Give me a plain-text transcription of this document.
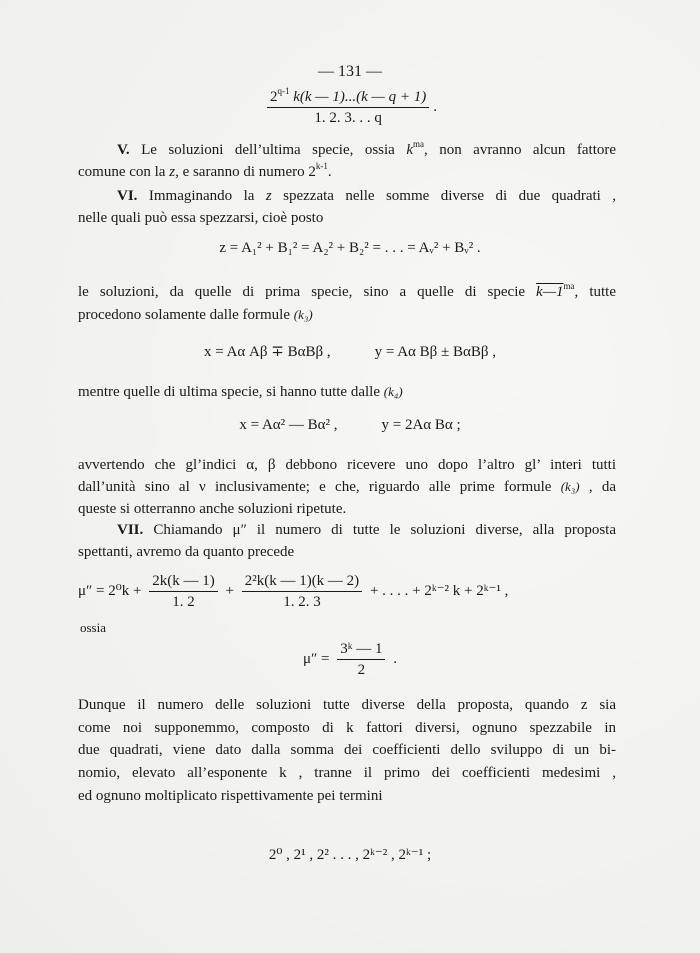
— 131 —
$\frac{2^{q-1} k(k — 1)...(k — q + 1)}{1. 2. 3. . . q}$ .
V. Le soluzioni dell’ultima specie, ossia $k^{ma}$, non avranno alcun fattore
comune con la z, e saranno di numero 2$^{k-1}$.
VI. Immaginando la z spezzata nelle somme diverse di due quadrati ,
nelle quali può essa spezzarsi, cioè posto
z = A₁² + B₁² = A₂² + B₂² = . . . = Aᵥ² + Bᵥ² .
le soluzioni, da quelle di prima specie, sino a quelle di specie $k—1^{ma}$, tutte
procedono solamente dalle formule (k₃)
x = Aα Aβ ∓ BαBβ ,	y = Aα Bβ ± BαBβ ,
mentre quelle di ultima specie, si hanno tutte dalle (k₄)
x = Aα² — Bα² ,	y = 2Aα Bα ;
avvertendo che gl’indici α, β debbono ricevere uno dopo l’altro gl’ interi tutti
dall’unità sino al ν inclusivamente; e che, riguardo alle prime formule (k₃) , da
queste si otterranno anche soluzioni ripetute.
VII. Chiamando μ″ il numero di tutte le soluzioni diverse, alla proposta
spettanti, avremo da quanto precede
$\mu'' = 2^0k + \frac{2k(k — 1)}{1. 2} + \frac{\text{2²k(k — 1)(k — 2)}}{1. 2. 3}$ + . . . . + 2ᵏ⁻² k + 2ᵏ⁻¹ ,
ossia
$\mu'' = \frac{\text{3ᵏ — 1}}{2}$ .
Dunque il numero delle soluzioni tutte diverse della proposta, quando z sia
come noi supponemmo, composto di k fattori diversi, ognuno spezzabile in
due quadrati, viene dato dalla somma dei coefficienti dello sviluppo di un bi-
nomio, elevato all’esponente k , tranne il primo dei coefficienti medesimi ,
ed ognuno moltiplicato rispettivamente pei termini
2⁰ , 2¹ , 2² . . . , 2ᵏ⁻² , 2ᵏ⁻¹ ;
